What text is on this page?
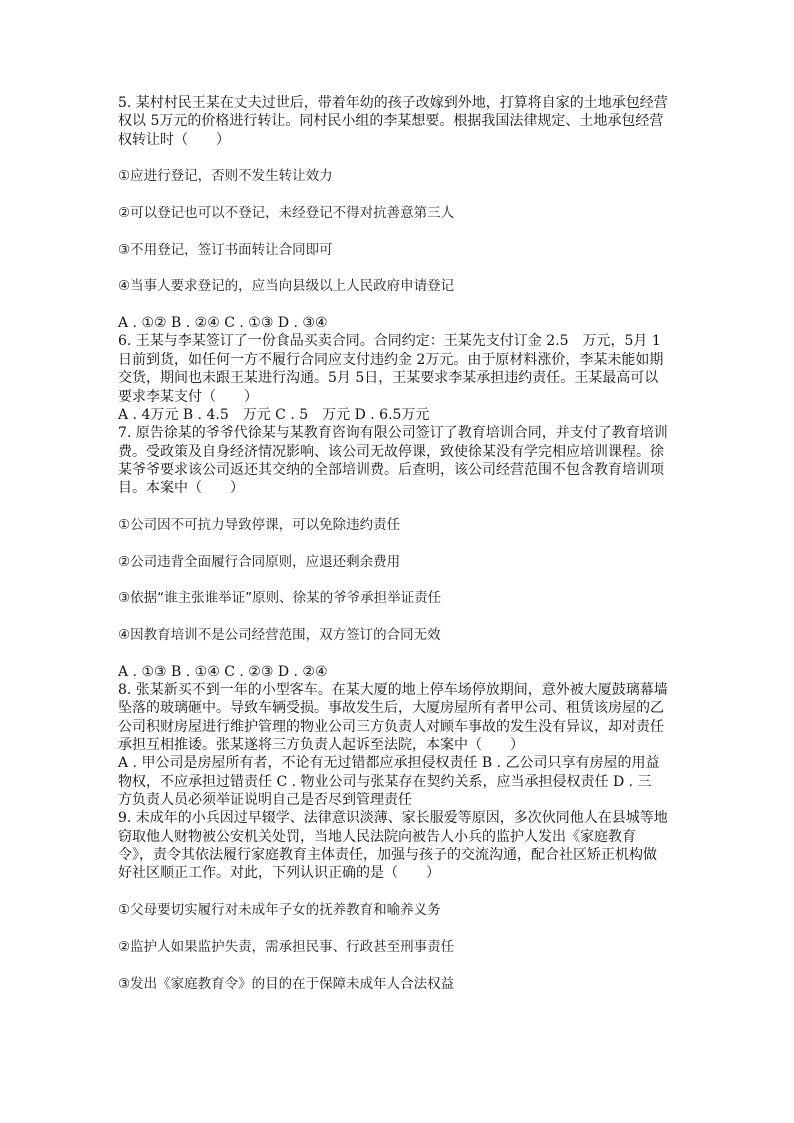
5. 某村村民王某在丈夫过世后，带着年幼的孩子改嫁到外地，打算将自家的土地承包经营
权以 5万元的价格进行转让。同村民小组的李某想要。根据我国法律规定、土地承包经营
权转让时（　　）
①应进行登记，否则不发生转让效力
②可以登记也可以不登记，未经登记不得对抗善意第三人
③不用登记，签订书面转让合同即可
④当事人要求登记的，应当向县级以上人民政府申请登记
A . ①② B . ②④ C . ①③ D . ③④
6. 王某与李某签订了一份食品买卖合同。合同约定：王某先支付订金 2.5　万元，5月 1
日前到货，如任何一方不履行合同应支付违约金 2万元。由于原材料涨价，李某未能如期
交货，期间也未跟王某进行沟通。5月 5日，王某要求李某承担违约责任。王某最高可以
要求李某支付（　　）
A . 4万元 B . 4.5　万元 C . 5　万元 D . 6.5万元
7. 原告徐某的爷爷代徐某与某教育咨询有限公司签订了教育培训合同，并支付了教育培训
费。受政策及自身经济情况影响、该公司无故停课，致使徐某没有学完相应培训课程。徐
某爷爷要求该公司返还其交纳的全部培训费。后查明，该公司经营范围不包含教育培训项
目。本案中（　　）
①公司因不可抗力导致停课，可以免除违约责任
②公司违背全面履行合同原则，应退还剩余费用
③依据“谁主张谁举证”原则、徐某的爷爷承担举证责任
④因教育培训不是公司经营范围，双方签订的合同无效
A . ①③ B . ①④ C . ②③ D . ②④
8. 张某新买不到一年的小型客车。在某大厦的地上停车场停放期间，意外被大厦鼓璃幕墙
坠落的玻璃砸中。导致车辆受损。事故发生后，大厦房屋所有者甲公司、租赁该房屋的乙
公司积财房屋进行维护管理的物业公司三方负责人对顾车事故的发生没有异议，却对责任
承担互相推诿。张某遂将三方负责人起诉至法院，本案中（　　）
A . 甲公司是房屋所有者，不论有无过错都应承担侵权责任 B . 乙公司只享有房屋的用益
物权，不应承担过错责任 C . 物业公司与张某存在契约关系，应当承担侵权责任 D . 三
方负责人员必须举证说明自己是否尽到管理责任
9. 未成年的小兵因过早辍学、法律意识淡薄、家长服爱等原因，多次伙同他人在县城等地
窃取他人财物被公安机关处罚，当地人民法院向被告人小兵的监护人发出《家庭教育
令》，责令其依法履行家庭教育主体责任，加强与孩子的交流沟通，配合社区矫正机构做
好社区顺正工作。对此，下列认识正确的是（　　）
①父母要切实履行对未成年子女的抚养教育和喻养义务
②监护人如果监护失责，需承担民事、行政甚至刑事责任
③发出《家庭教育令》的目的在于保障未成年人合法权益
